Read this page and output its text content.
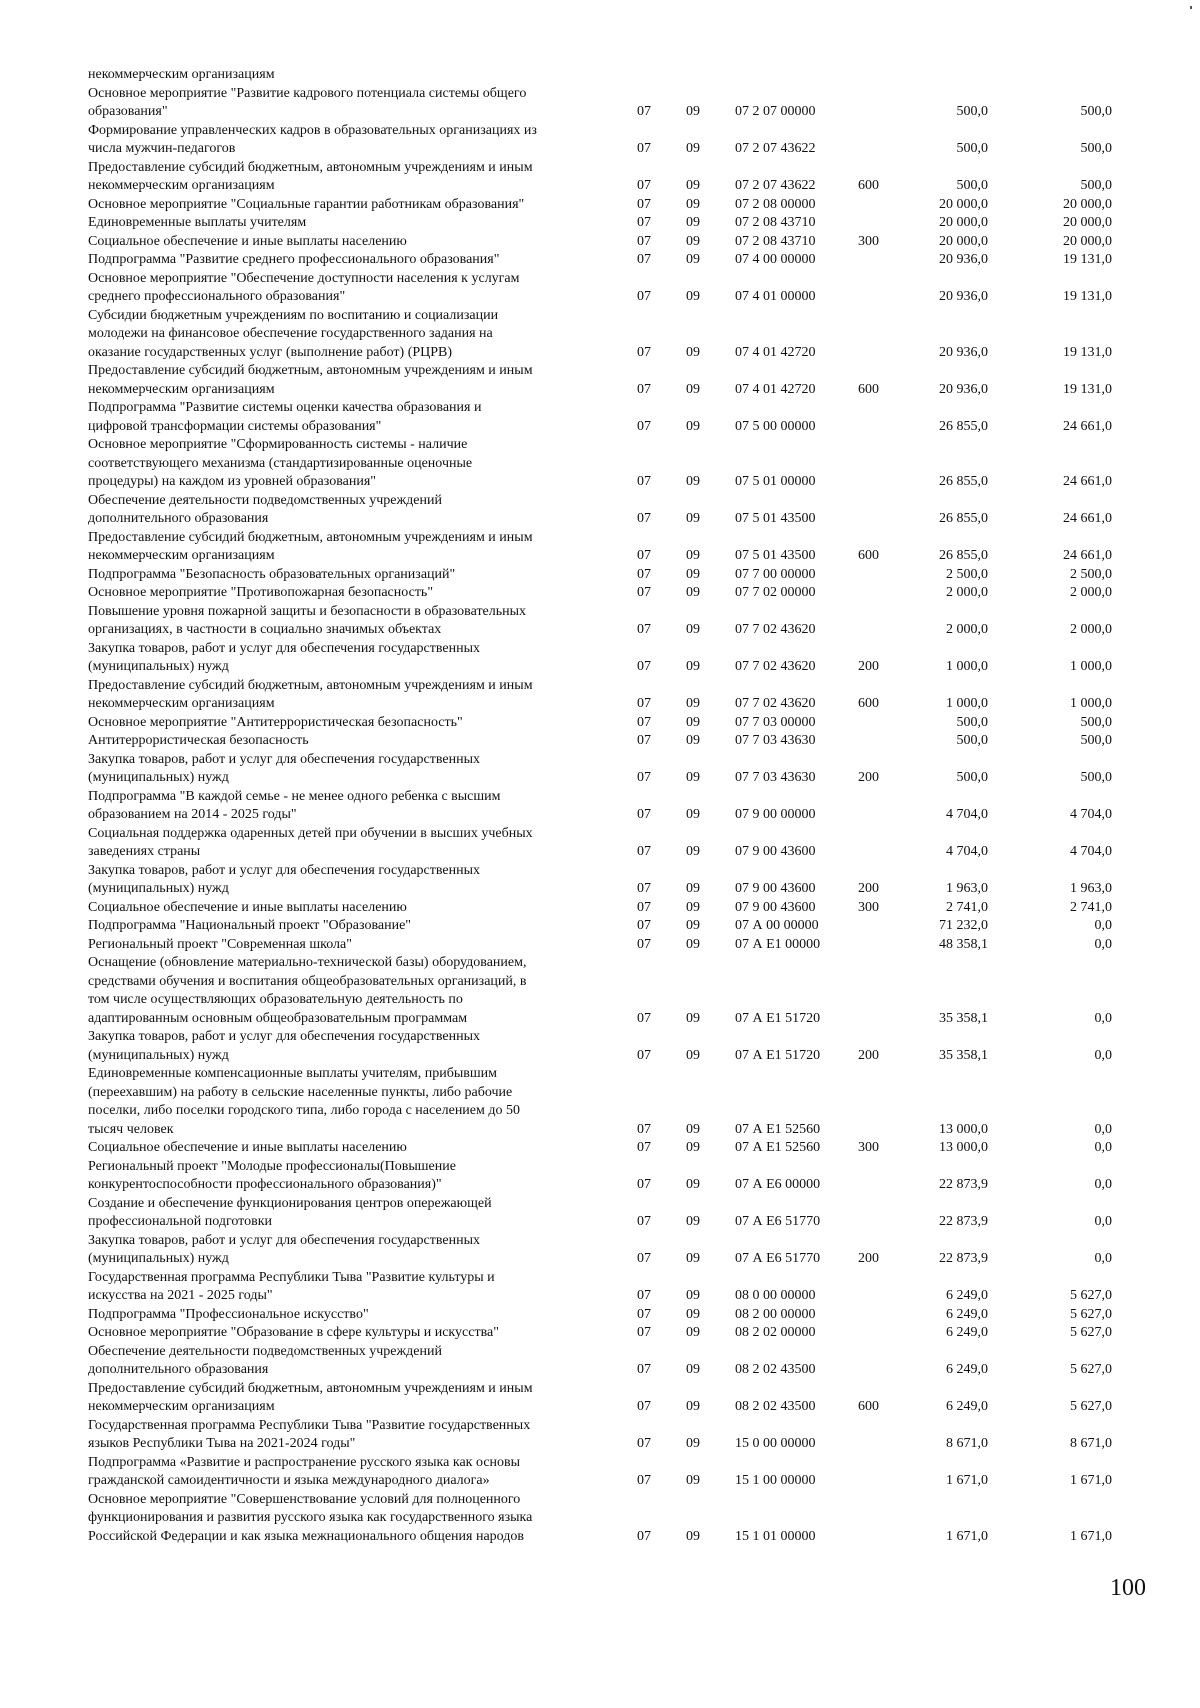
некоммерческим организациям
Основное мероприятие "Развитие кадрового потенциала системы общего
образования"	07	09	07 2 07 00000	500,0	500,0
Формирование управленческих кадров в образовательных организациях из
числа мужчин-педагогов	07	09	07 2 07 43622	500,0	500,0
Предоставление субсидий бюджетным, автономным учреждениям и иным
некоммерческим организациям	07	09	07 2 07 43622	600	500,0	500,0
Основное мероприятие "Социальные гарантии работникам образования"	07	09	07 2 08 00000	20 000,0	20 000,0
Единовременные выплаты учителям	07	09	07 2 08 43710	20 000,0	20 000,0
Социальное обеспечение и иные выплаты населению	07	09	07 2 08 43710	300	20 000,0	20 000,0
Подпрограмма "Развитие среднего профессионального образования"	07	09	07 4 00 00000	20 936,0	19 131,0
Основное мероприятие "Обеспечение доступности населения к услугам
среднего профессионального образования"	07	09	07 4 01 00000	20 936,0	19 131,0
Субсидии бюджетным учреждениям по воспитанию и социализации
молодежи на финансовое обеспечение государственного задания на
оказание государственных услуг (выполнение работ) (РЦРВ)	07	09	07 4 01 42720	20 936,0	19 131,0
Предоставление субсидий бюджетным, автономным учреждениям и иным
некоммерческим организациям	07	09	07 4 01 42720	600	20 936,0	19 131,0
Подпрограмма "Развитие системы оценки качества образования и
цифровой трансформации системы образования"	07	09	07 5 00 00000	26 855,0	24 661,0
Основное мероприятие "Сформированность системы - наличие
соответствующего механизма (стандартизированные оценочные
процедуры) на каждом из уровней образования"	07	09	07 5 01 00000	26 855,0	24 661,0
Обеспечение деятельности подведомственных учреждений
дополнительного образования	07	09	07 5 01 43500	26 855,0	24 661,0
Предоставление субсидий бюджетным, автономным учреждениям и иным
некоммерческим организациям	07	09	07 5 01 43500	600	26 855,0	24 661,0
Подпрограмма "Безопасность образовательных организаций"	07	09	07 7 00 00000	2 500,0	2 500,0
Основное мероприятие "Противопожарная безопасность"	07	09	07 7 02 00000	2 000,0	2 000,0
Повышение уровня пожарной защиты и безопасности в образовательных
организациях, в частности в социально значимых объектах	07	09	07 7 02 43620	2 000,0	2 000,0
Закупка товаров, работ и услуг для обеспечения государственных
(муниципальных) нужд	07	09	07 7 02 43620	200	1 000,0	1 000,0
Предоставление субсидий бюджетным, автономным учреждениям и иным
некоммерческим организациям	07	09	07 7 02 43620	600	1 000,0	1 000,0
Основное мероприятие "Антитеррористическая безопасность"	07	09	07 7 03 00000	500,0	500,0
Антитеррористическая безопасность	07	09	07 7 03 43630	500,0	500,0
Закупка товаров, работ и услуг для обеспечения государственных
(муниципальных) нужд	07	09	07 7 03 43630	200	500,0	500,0
Подпрограмма "В каждой семье - не менее одного ребенка с высшим
образованием на 2014 - 2025 годы"	07	09	07 9 00 00000	4 704,0	4 704,0
Социальная поддержка одаренных детей при обучении в высших учебных
заведениях страны	07	09	07 9 00 43600	4 704,0	4 704,0
Закупка товаров, работ и услуг для обеспечения государственных
(муниципальных) нужд	07	09	07 9 00 43600	200	1 963,0	1 963,0
Социальное обеспечение и иные выплаты населению	07	09	07 9 00 43600	300	2 741,0	2 741,0
Подпрограмма "Национальный проект "Образование"	07	09	07 А 00 00000	71 232,0	0,0
Региональный проект "Современная школа"	07	09	07 А Е1 00000	48 358,1	0,0
Оснащение (обновление материально-технической базы) оборудованием,
средствами обучения и воспитания общеобразовательных организаций, в
том числе осуществляющих образовательную деятельность по
адаптированным основным общеобразовательным программам	07	09	07 А Е1 51720	35 358,1	0,0
Закупка товаров, работ и услуг для обеспечения государственных
(муниципальных) нужд	07	09	07 А Е1 51720	200	35 358,1	0,0
Единовременные компенсационные выплаты учителям, прибывшим
(переехавшим) на работу в сельские населенные пункты, либо рабочие
поселки, либо поселки городского типа, либо города с населением до 50
тысяч человек	07	09	07 А Е1 52560	13 000,0	0,0
Социальное обеспечение и иные выплаты населению	07	09	07 А Е1 52560	300	13 000,0	0,0
Региональный проект "Молодые профессионалы(Повышение
конкурентоспособности профессионального образования)"	07	09	07 А Е6 00000	22 873,9	0,0
Создание и обеспечение функционирования центров опережающей
профессиональной подготовки	07	09	07 А Е6 51770	22 873,9	0,0
Закупка товаров, работ и услуг для обеспечения государственных
(муниципальных) нужд	07	09	07 А Е6 51770	200	22 873,9	0,0
Государственная программа Республики Тыва "Развитие культуры и
искусства на 2021 - 2025 годы"	07	09	08 0 00 00000	6 249,0	5 627,0
Подпрограмма "Профессиональное искусство"	07	09	08 2 00 00000	6 249,0	5 627,0
Основное мероприятие "Образование в сфере культуры и искусства"	07	09	08 2 02 00000	6 249,0	5 627,0
Обеспечение деятельности подведомственных учреждений
дополнительного образования	07	09	08 2 02 43500	6 249,0	5 627,0
Предоставление субсидий бюджетным, автономным учреждениям и иным
некоммерческим организациям	07	09	08 2 02 43500	600	6 249,0	5 627,0
Государственная программа Республики Тыва "Развитие государственных
языков Республики Тыва на 2021-2024 годы"	07	09	15 0 00 00000	8 671,0	8 671,0
Подпрограмма «Развитие и распространение русского языка как основы
гражданской самоидентичности и языка международного диалога»	07	09	15 1 00 00000	1 671,0	1 671,0
Основное мероприятие "Совершенствование условий для полноценного
функционирования и развития русского языка как государственного языка
Российской Федерации и как языка межнационального общения народов	07	09	15 1 01 00000	1 671,0	1 671,0
100
